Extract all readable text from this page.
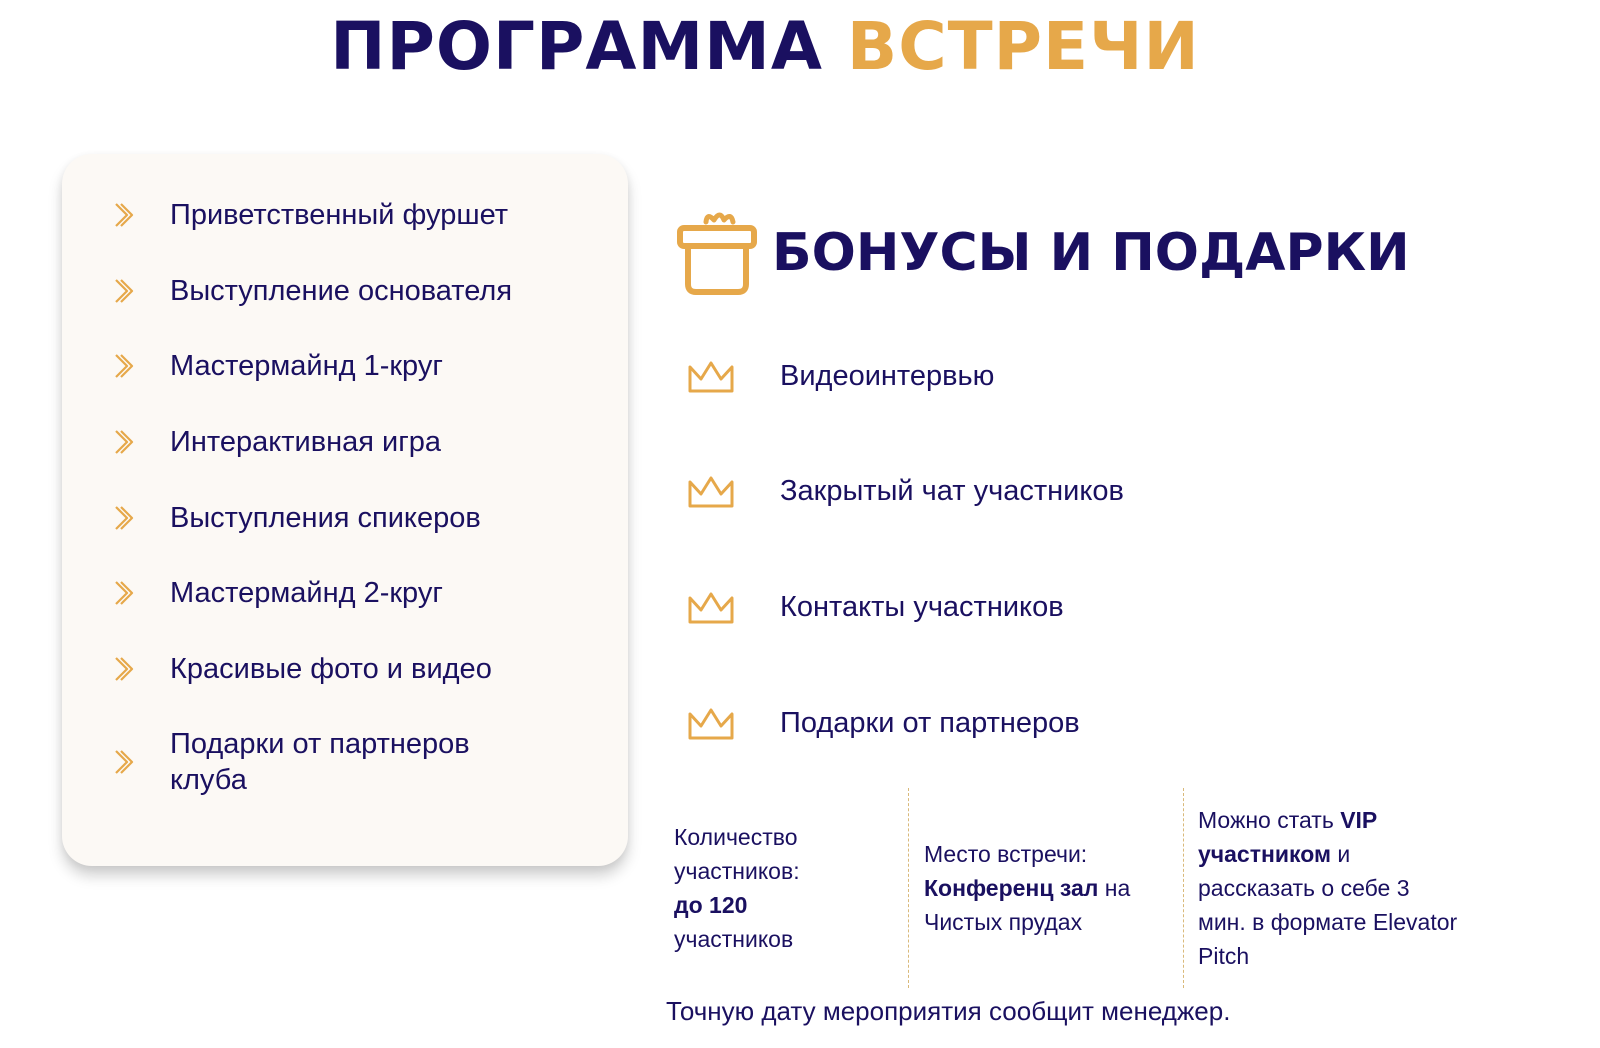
ПРОГРАММА ВСТРЕЧИ
Приветственный фуршет
Выступление основателя
Мастермайнд 1-круг
Интерактивная игра
Выступления спикеров
Мастермайнд 2-круг
Красивые фото и видео
Подарки от партнеров клуба
БОНУСЫ И ПОДАРКИ
Видеоинтервью
Закрытый чат участников
Контакты участников
Подарки от партнеров
Количество участников:
до 120
участников
Место встречи:
Конференц зал на Чистых прудах
Можно стать VIP участником и рассказать о себе 3 мин. в формате Elevator Pitch
Точную дату мероприятия сообщит менеджер.
